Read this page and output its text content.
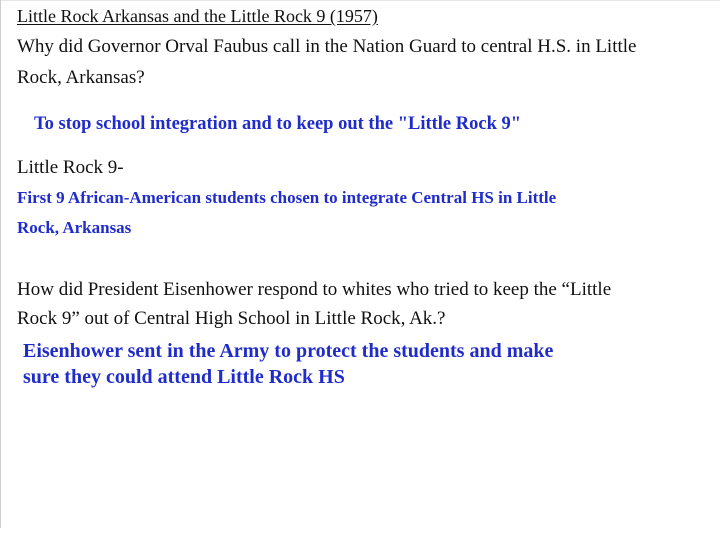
Little Rock Arkansas and the Little Rock 9 (1957)
Why did Governor Orval Faubus call in the Nation Guard to central H.S. in Little
Rock, Arkansas?
To stop school integration and to keep out the "Little Rock 9"
Little Rock 9-
First 9 African-American students chosen to integrate Central HS in Little
Rock, Arkansas
How did President Eisenhower respond to whites who tried to keep the “Little
Rock 9” out of Central High School in Little Rock, Ak.?
Eisenhower sent in the Army to protect the students and make
sure they could attend Little Rock HS
